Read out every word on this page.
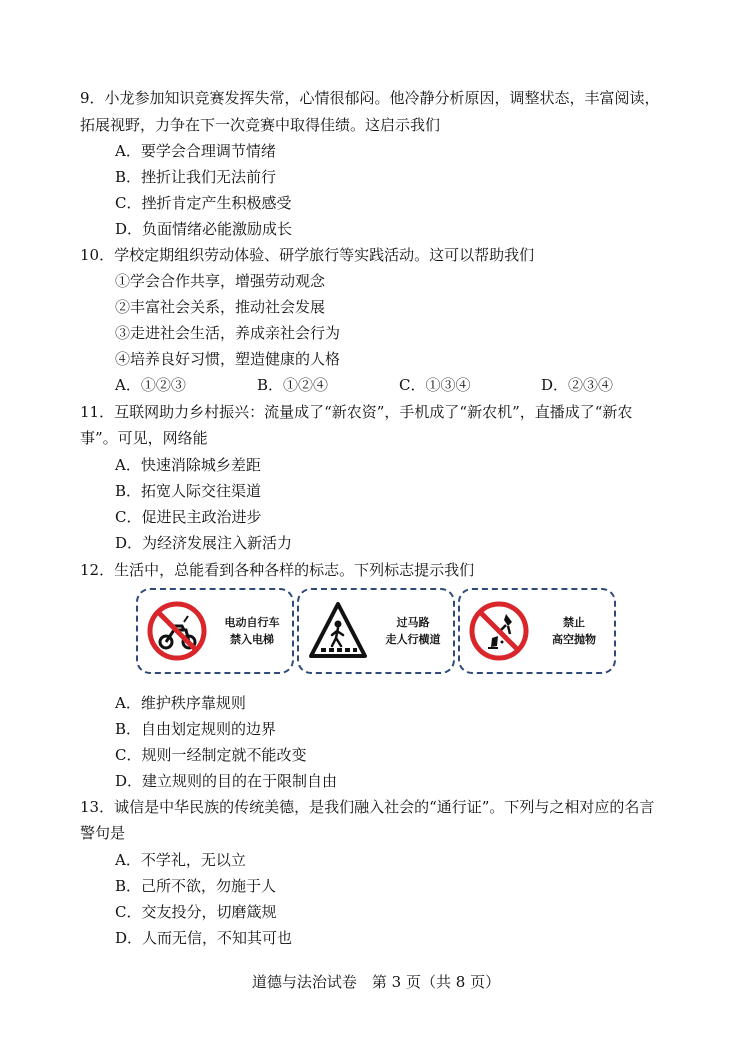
9．小龙参加知识竞赛发挥失常，心情很郁闷。他冷静分析原因，调整状态，丰富阅读，
拓展视野，力争在下一次竞赛中取得佳绩。这启示我们
A．要学会合理调节情绪
B．挫折让我们无法前行
C．挫折肯定产生积极感受
D．负面情绪必能激励成长
10．学校定期组织劳动体验、研学旅行等实践活动。这可以帮助我们
①学会合作共享，增强劳动观念
②丰富社会关系，推动社会发展
③走进社会生活，养成亲社会行为
④培养良好习惯，塑造健康的人格
A．①②③	B．①②④	C．①③④	D．②③④
11．互联网助力乡村振兴：流量成了“新农资”，手机成了“新农机”，直播成了“新农
事”。可见，网络能
A．快速消除城乡差距
B．拓宽人际交往渠道
C．促进民主政治进步
D．为经济发展注入新活力
12．生活中，总能看到各种各样的标志。下列标志提示我们
电动自行车
禁入电梯
过马路
走人行横道
禁止
高空抛物
A．维护秩序靠规则
B．自由划定规则的边界
C．规则一经制定就不能改变
D．建立规则的目的在于限制自由
13．诚信是中华民族的传统美德，是我们融入社会的“通行证”。下列与之相对应的名言
警句是
A．不学礼，无以立
B．己所不欲，勿施于人
C．交友投分，切磨箴规
D．人而无信，不知其可也
道德与法治试卷　第 3 页（共 8 页）
